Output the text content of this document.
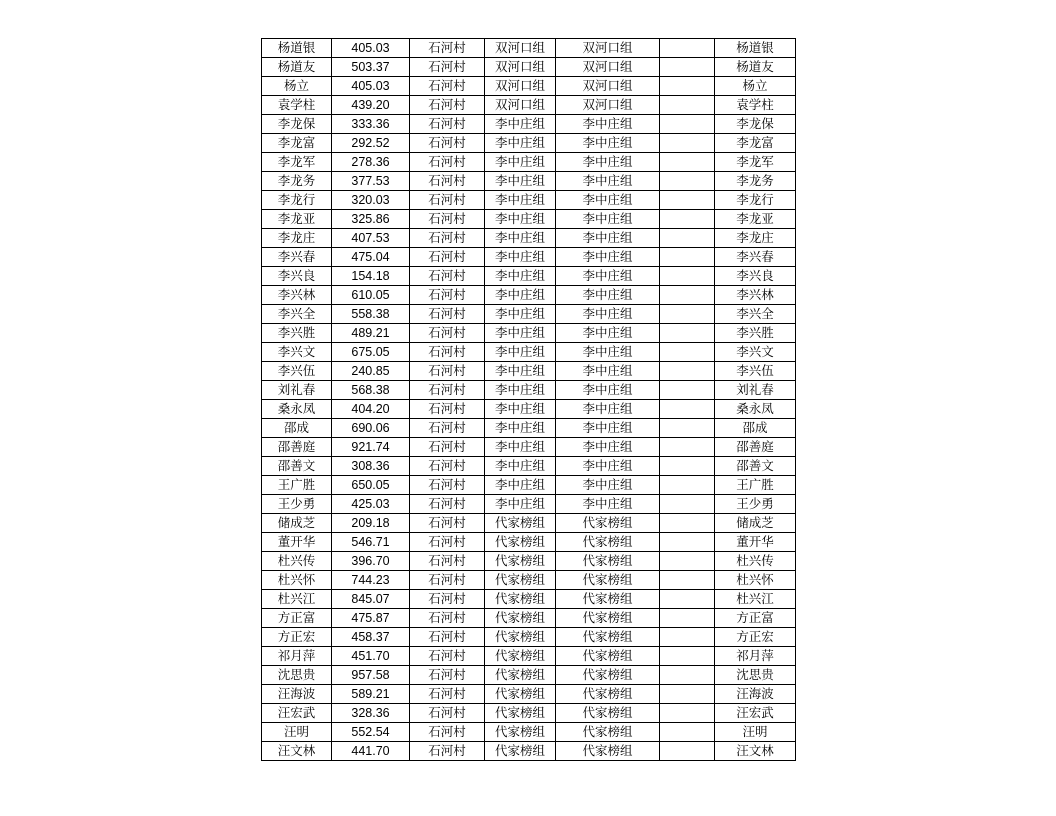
杨道银	405.03	石河村	双河口组	双河口组		杨道银
杨道友	503.37	石河村	双河口组	双河口组		杨道友
杨立	405.03	石河村	双河口组	双河口组		杨立
袁学柱	439.20	石河村	双河口组	双河口组		袁学柱
李龙保	333.36	石河村	李中庄组	李中庄组		李龙保
李龙富	292.52	石河村	李中庄组	李中庄组		李龙富
李龙军	278.36	石河村	李中庄组	李中庄组		李龙军
李龙务	377.53	石河村	李中庄组	李中庄组		李龙务
李龙行	320.03	石河村	李中庄组	李中庄组		李龙行
李龙亚	325.86	石河村	李中庄组	李中庄组		李龙亚
李龙庄	407.53	石河村	李中庄组	李中庄组		李龙庄
李兴春	475.04	石河村	李中庄组	李中庄组		李兴春
李兴良	154.18	石河村	李中庄组	李中庄组		李兴良
李兴林	610.05	石河村	李中庄组	李中庄组		李兴林
李兴全	558.38	石河村	李中庄组	李中庄组		李兴全
李兴胜	489.21	石河村	李中庄组	李中庄组		李兴胜
李兴文	675.05	石河村	李中庄组	李中庄组		李兴文
李兴伍	240.85	石河村	李中庄组	李中庄组		李兴伍
刘礼春	568.38	石河村	李中庄组	李中庄组		刘礼春
桑永凤	404.20	石河村	李中庄组	李中庄组		桑永凤
邵成	690.06	石河村	李中庄组	李中庄组		邵成
邵善庭	921.74	石河村	李中庄组	李中庄组		邵善庭
邵善文	308.36	石河村	李中庄组	李中庄组		邵善文
王广胜	650.05	石河村	李中庄组	李中庄组		王广胜
王少勇	425.03	石河村	李中庄组	李中庄组		王少勇
储成芝	209.18	石河村	代家榜组	代家榜组		储成芝
董开华	546.71	石河村	代家榜组	代家榜组		董开华
杜兴传	396.70	石河村	代家榜组	代家榜组		杜兴传
杜兴怀	744.23	石河村	代家榜组	代家榜组		杜兴怀
杜兴江	845.07	石河村	代家榜组	代家榜组		杜兴江
方正富	475.87	石河村	代家榜组	代家榜组		方正富
方正宏	458.37	石河村	代家榜组	代家榜组		方正宏
祁月萍	451.70	石河村	代家榜组	代家榜组		祁月萍
沈思贵	957.58	石河村	代家榜组	代家榜组		沈思贵
汪海波	589.21	石河村	代家榜组	代家榜组		汪海波
汪宏武	328.36	石河村	代家榜组	代家榜组		汪宏武
汪明	552.54	石河村	代家榜组	代家榜组		汪明
汪文林	441.70	石河村	代家榜组	代家榜组		汪文林
